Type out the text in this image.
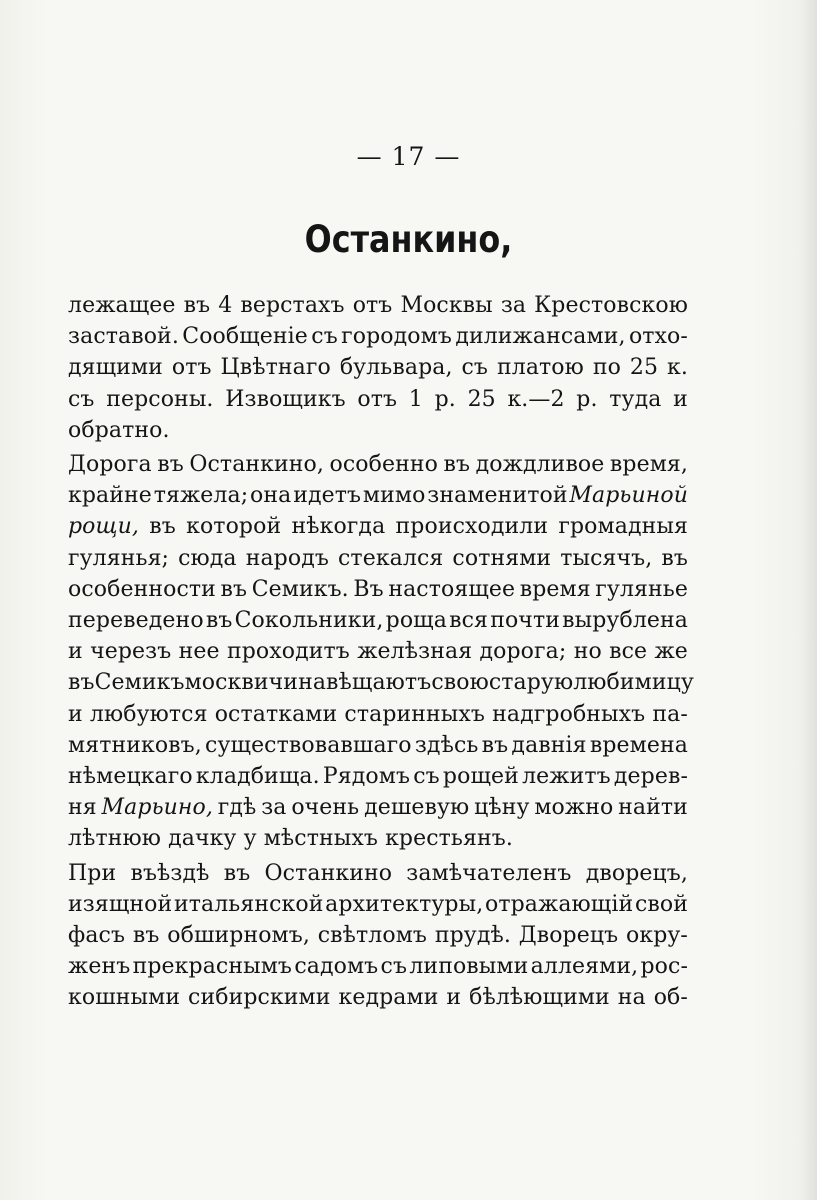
— 17 —
Останкино,
лежащее въ 4 верстахъ отъ Москвы за Крестовскою
заставой. Сообщенiе съ городомъ дилижансами, отхо-
дящими отъ Цвѣтнаго бульвара, съ платою по 25 к.
съ персоны. Извощикъ отъ 1 р. 25 к.—2 р. туда и
обратно.
Дорога въ Останкино, особенно въ дождливое время,
крайне тяжела; она идетъ мимо знаменитой Марьиной
рощи, въ которой нѣкогда происходили громадныя
гулянья; сюда народъ стекался сотнями тысячъ, въ
особенности въ Семикъ. Въ настоящее время гулянье
переведено въ Сокольники, роща вся почти вырублена
и черезъ нее проходитъ желѣзная дорога; но все же
въ Семикъ москвичи навѣщаютъ свою старую любимицу
и любуются остатками старинныхъ надгробныхъ па-
мятниковъ, существовавшаго здѣсь въ давнiя времена
нѣмецкаго кладбища. Рядомъ съ рощей лежитъ дерев-
ня Марьино, гдѣ за очень дешевую цѣну можно найти
лѣтнюю
дачку
у
мѣстныхъ
крестьянъ.
При въѣздѣ въ Останкино замѣчателенъ дворецъ,
изящной итальянской архитектуры, отражающiй свой
фасъ въ обширномъ, свѣтломъ прудѣ. Дворецъ окру-
женъ прекраснымъ садомъ съ липовыми аллеями, рос-
кошными сибирскими кедрами и бѣлѣющими на об-
